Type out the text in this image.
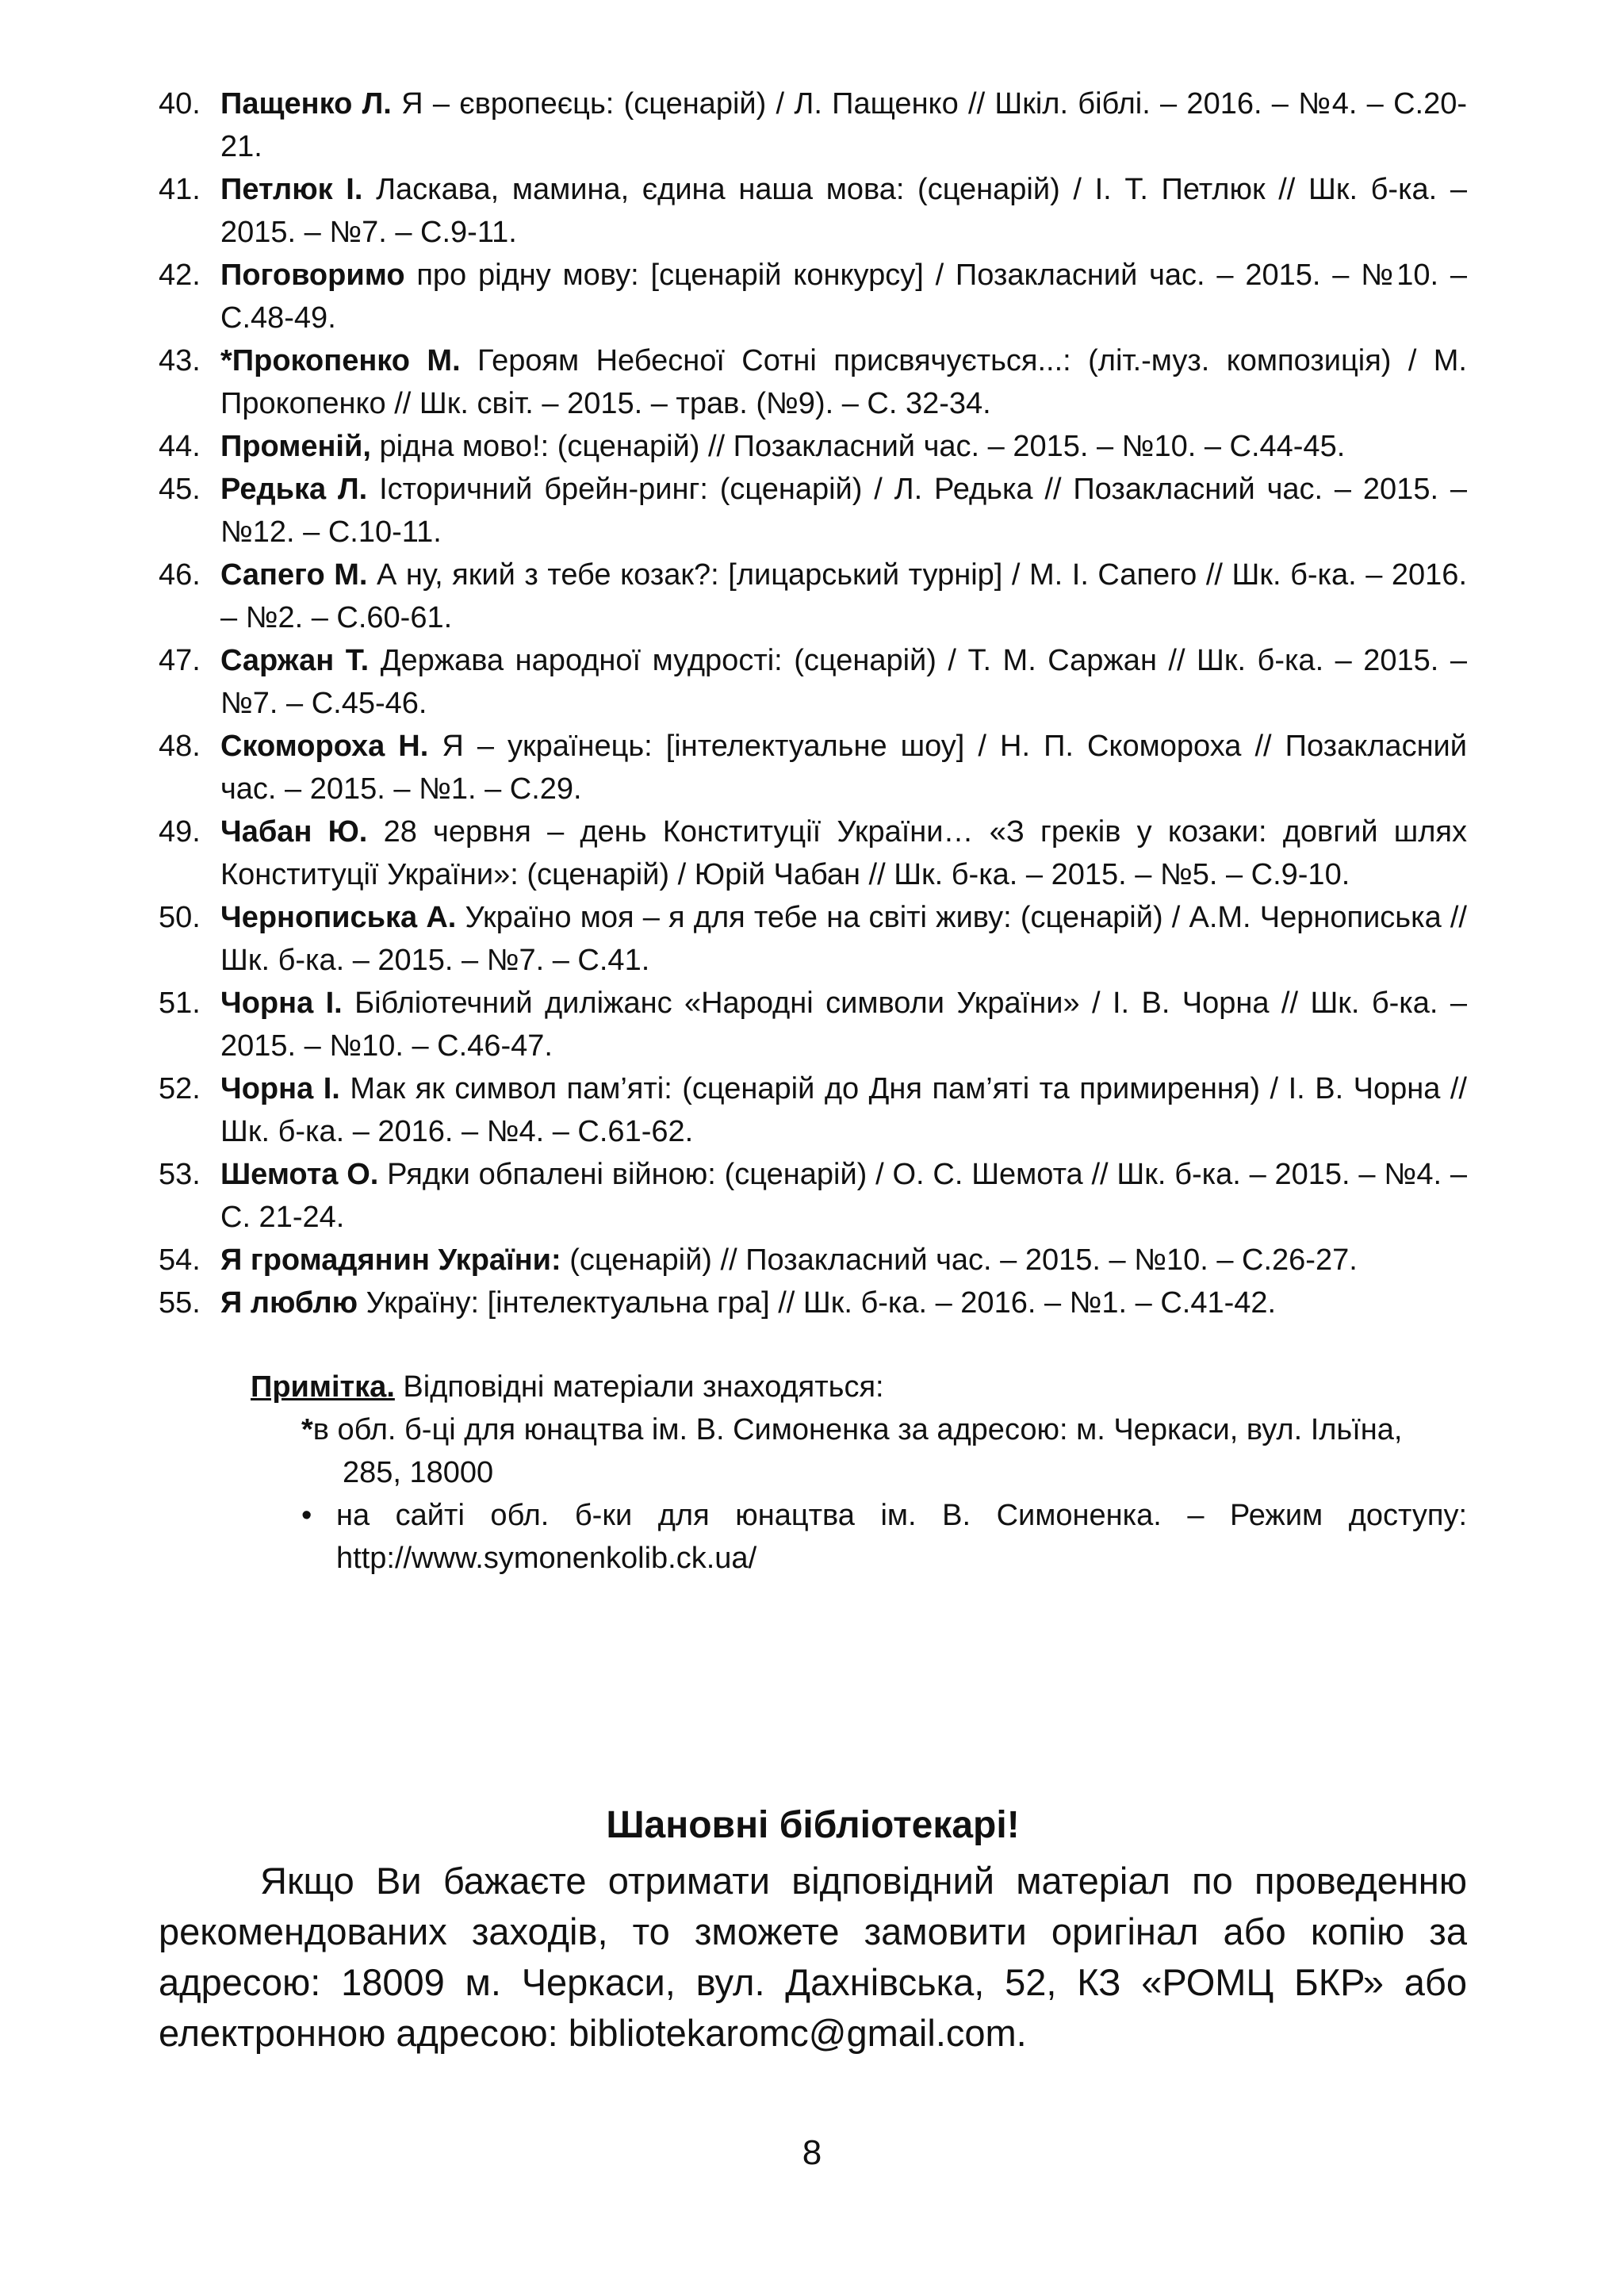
40. Пащенко Л. Я – європеєць: (сценарій) / Л. Пащенко // Шкіл. біблі. – 2016. – №4. – С.20-21.
41. Петлюк І. Ласкава, мамина, єдина наша мова: (сценарій) / І. Т. Петлюк // Шк. б-ка. – 2015. – №7. – С.9-11.
42. Поговоримо про рідну мову: [сценарій конкурсу] / Позакласний час. – 2015. – №10. – С.48-49.
43. *Прокопенко М. Героям Небесної Сотні присвячується...: (літ.-муз. композиція) / М. Прокопенко // Шк. світ. – 2015. – трав. (№9). – С. 32-34.
44. Променій, рідна мово!: (сценарій) // Позакласний час. – 2015. – №10. – С.44-45.
45. Редька Л. Історичний брейн-ринг: (сценарій) / Л. Редька // Позакласний час. – 2015. – №12. – С.10-11.
46. Сапего М. А ну, який з тебе козак?: [лицарський турнір] / М. І. Сапего // Шк. б-ка. – 2016. – №2. – С.60-61.
47. Саржан Т. Держава народної мудрості: (сценарій) / Т. М. Саржан // Шк. б-ка. – 2015. – №7. – С.45-46.
48. Скомороха Н. Я – українець: [інтелектуальне шоу] / Н. П. Скомороха // Позакласний час. – 2015. – №1. – С.29.
49. Чабан Ю. 28 червня – день Конституції України… «З греків у козаки: довгий шлях Конституції України»: (сценарій) / Юрій Чабан // Шк. б-ка. – 2015. – №5. – С.9-10.
50. Чернописька А. Україно моя – я для тебе на світі живу: (сценарій) / А.М. Чернописька // Шк. б-ка. – 2015. – №7. – С.41.
51. Чорна І. Бібліотечний диліжанс «Народні символи України» / І. В. Чорна // Шк. б-ка. – 2015. – №10. – С.46-47.
52. Чорна І. Мак як символ пам’яті: (сценарій до Дня пам’яті та примирення) / І. В. Чорна // Шк. б-ка. – 2016. – №4. – С.61-62.
53. Шемота О. Рядки обпалені війною: (сценарій) / О. С. Шемота // Шк. б-ка. – 2015. – №4. – С. 21-24.
54. Я громадянин України: (сценарій) // Позакласний час. – 2015. – №10. – С.26-27.
55. Я люблю Україну: [інтелектуальна гра] // Шк. б-ка. – 2016. – №1. – С.41-42.

Примітка. Відповідні матеріали знаходяться:

*в обл. б-ці для юнацтва ім. В. Симоненка за адресою: м. Черкаси, вул. Ільїна,
285, 18000

• на сайті обл. б-ки для юнацтва ім. В. Симоненка. – Режим доступу: http://www.symonenkolib.ck.ua/

Шановні бібліотекарі!

Якщо Ви бажаєте отримати відповідний матеріал по проведенню рекомендованих заходів, то зможете замовити оригінал або копію за адресою: 18009 м. Черкаси, вул. Дахнівська, 52, КЗ «РОМЦ БКР» або електронною адресою: bibliotekaromc@gmail.com.

8
